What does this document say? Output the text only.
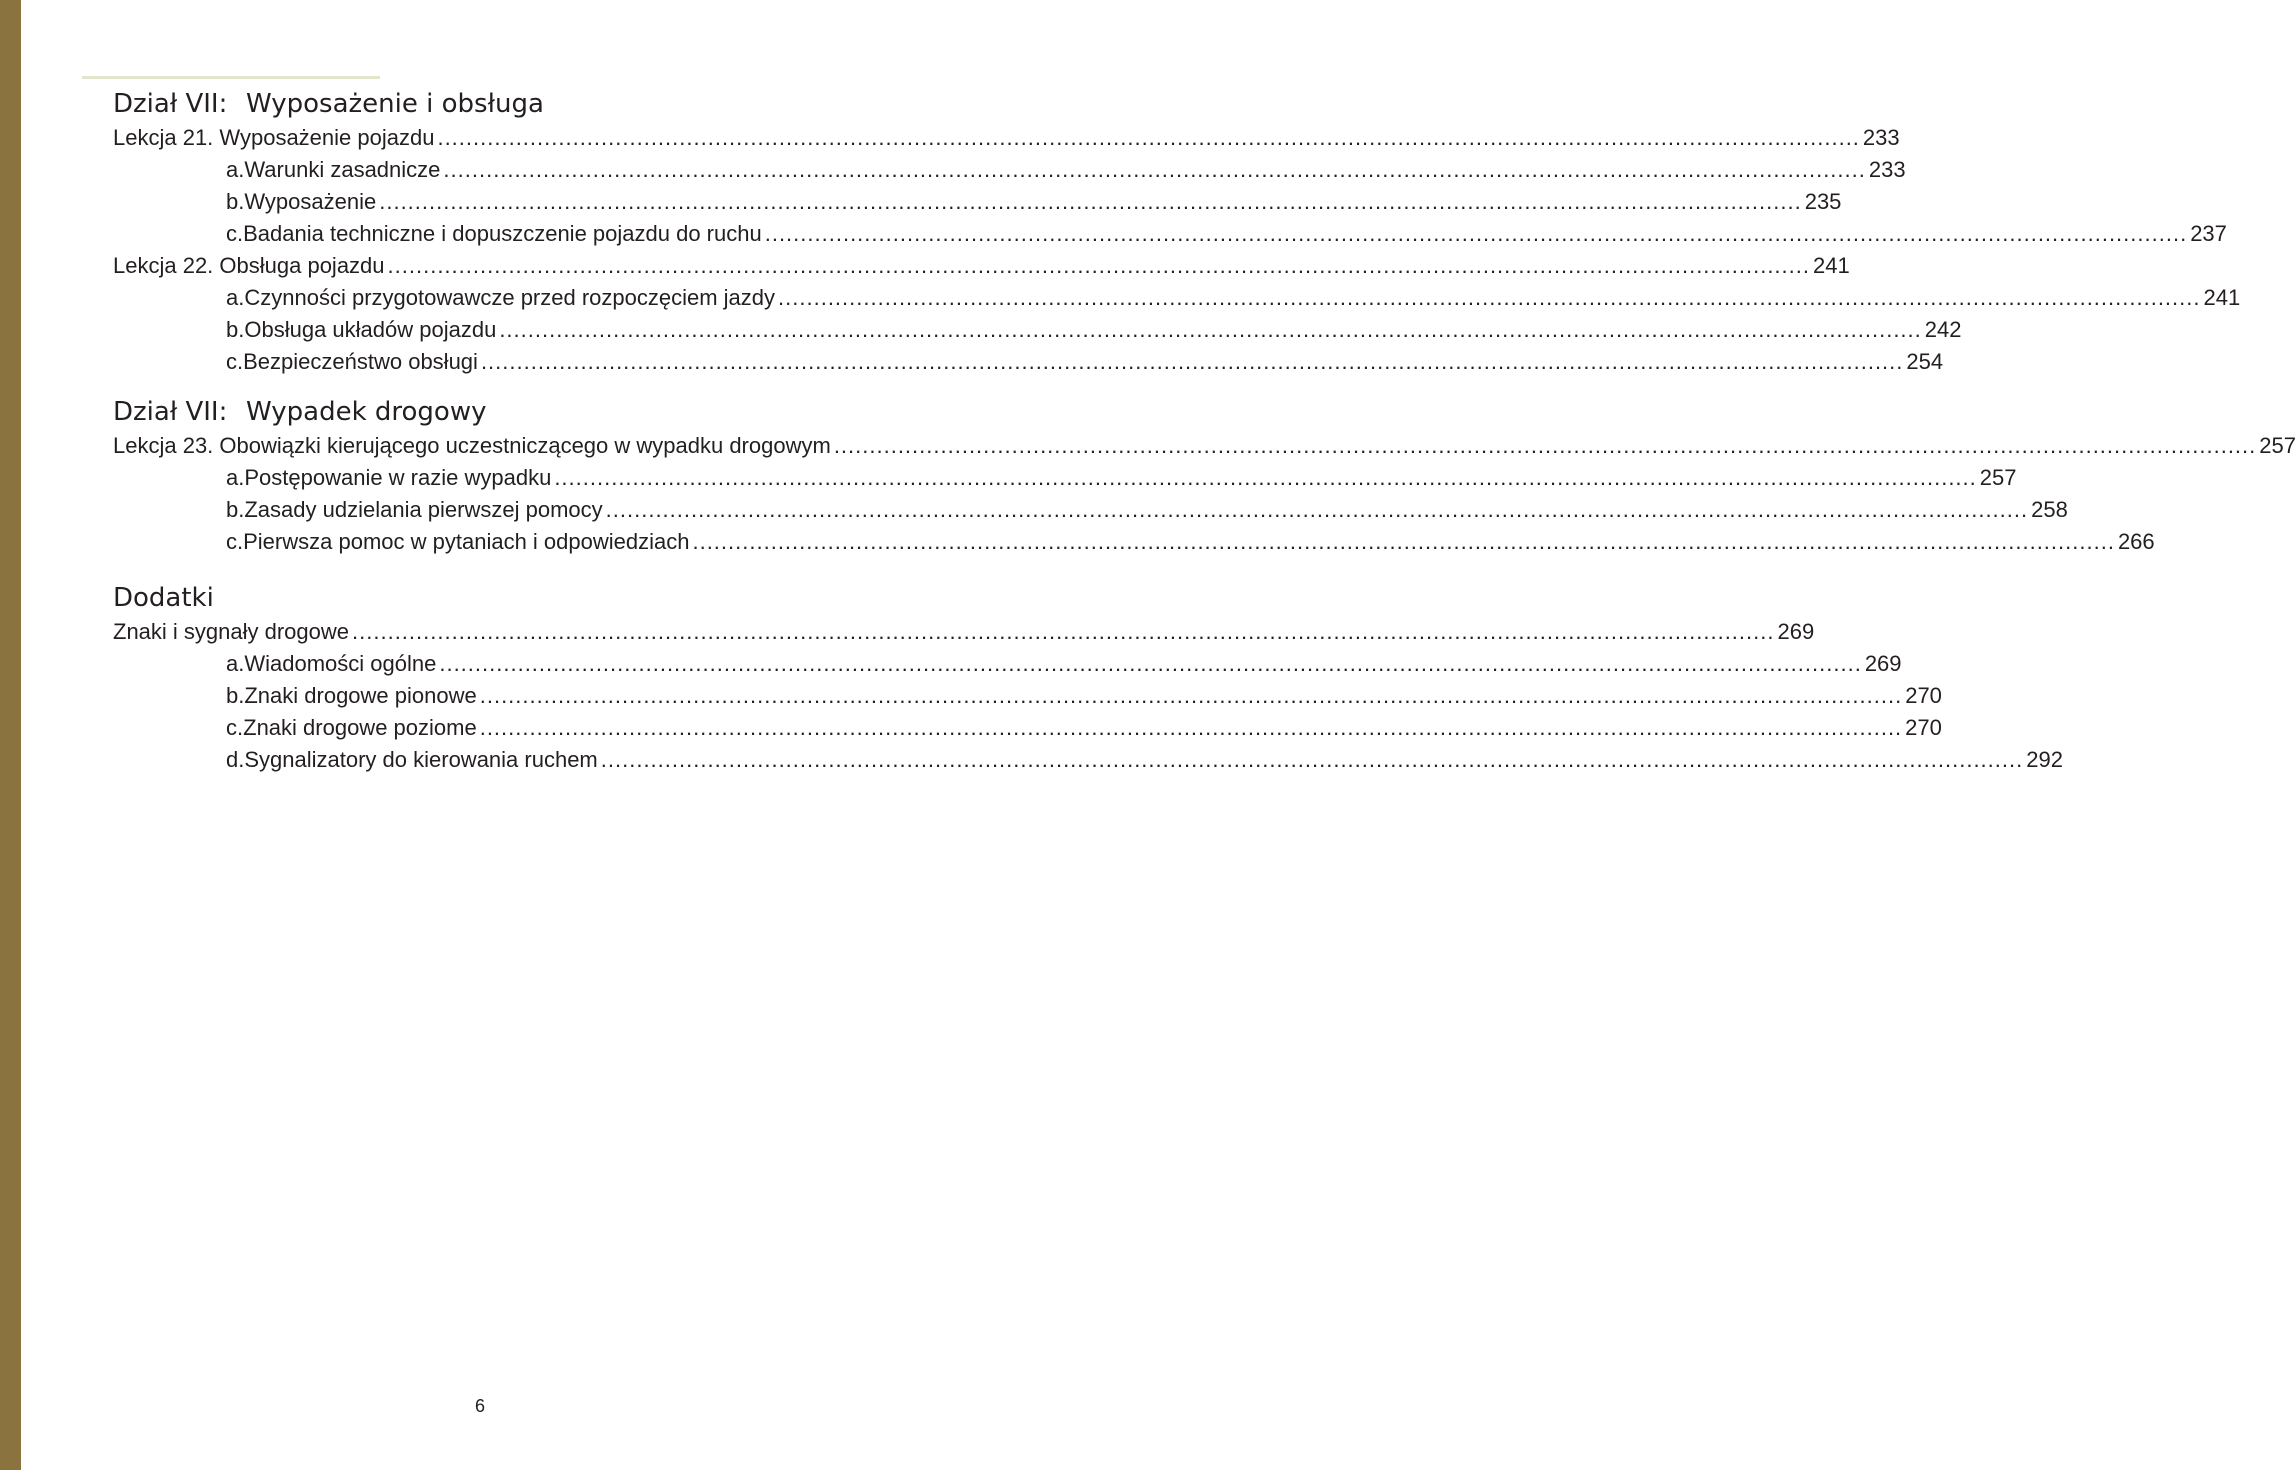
Dział VII: Wyposażenie i obsługa
Lekcja 21. Wyposażenie pojazdu ........................................................................................................................................................................................................ 233
a. Warunki zasadnicze ........................................................................................................................................................................................................ 233
b. Wyposażenie ........................................................................................................................................................................................................ 235
c. Badania techniczne i dopuszczenie pojazdu do ruchu ........................................................................................................................................................................................................ 237
Lekcja 22. Obsługa pojazdu ........................................................................................................................................................................................................ 241
a. Czynności przygotowawcze przed rozpoczęciem jazdy ........................................................................................................................................................................................................ 241
b. Obsługa układów pojazdu ........................................................................................................................................................................................................ 242
c. Bezpieczeństwo obsługi ........................................................................................................................................................................................................ 254
Dział VII: Wypadek drogowy
Lekcja 23. Obowiązki kierującego uczestniczącego w wypadku drogowym ........................................................................................................................................................................................................ 257
a. Postępowanie w razie wypadku ........................................................................................................................................................................................................ 257
b. Zasady udzielania pierwszej pomocy ........................................................................................................................................................................................................ 258
c. Pierwsza pomoc w pytaniach i odpowiedziach ........................................................................................................................................................................................................ 266
Dodatki
Znaki i sygnały drogowe ........................................................................................................................................................................................................ 269
a. Wiadomości ogólne ........................................................................................................................................................................................................ 269
b. Znaki drogowe pionowe ........................................................................................................................................................................................................ 270
c. Znaki drogowe poziome ........................................................................................................................................................................................................ 270
d. Sygnalizatory do kierowania ruchem ........................................................................................................................................................................................................ 292
6
